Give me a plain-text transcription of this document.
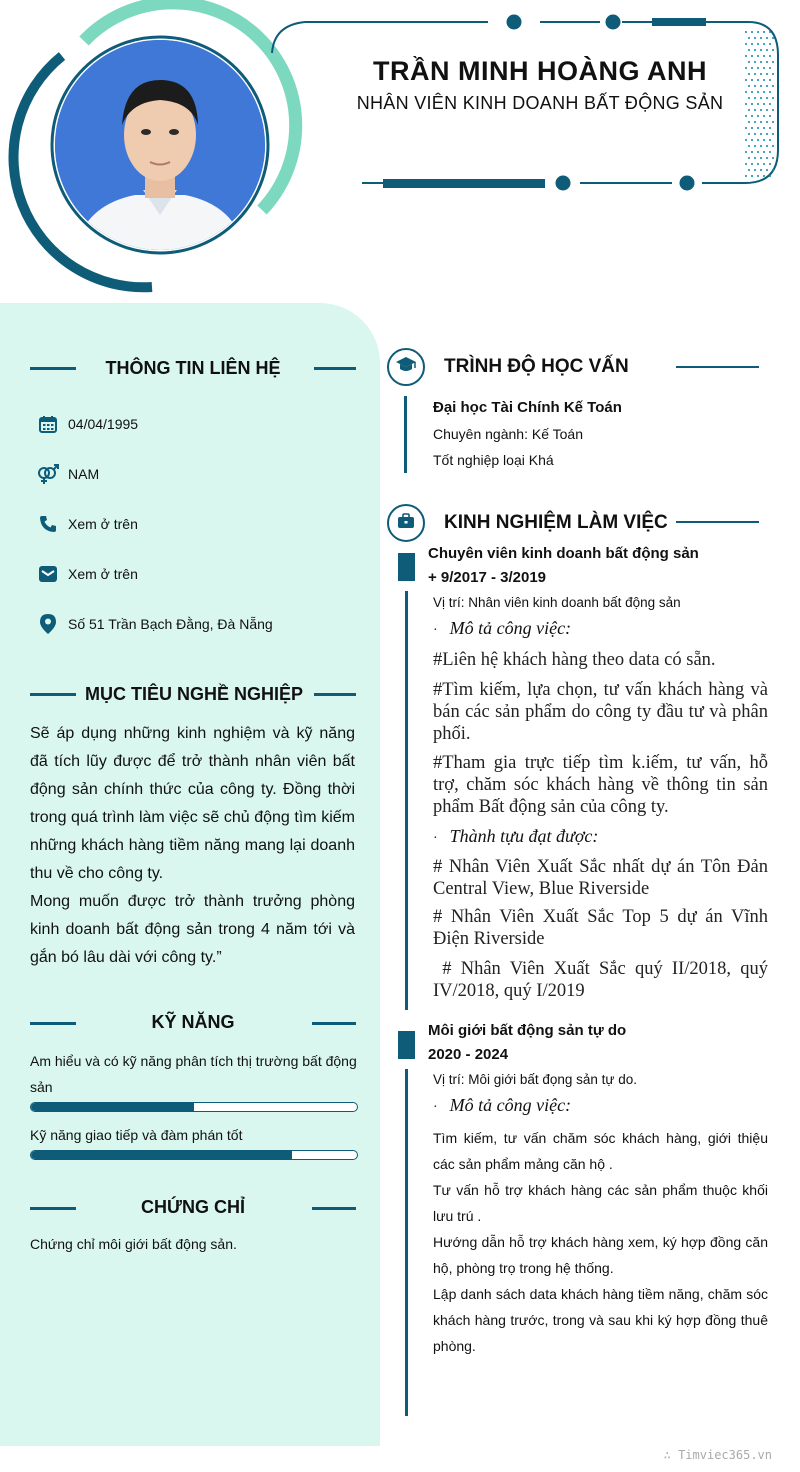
TRẦN MINH HOÀNG ANH
NHÂN VIÊN KINH DOANH BẤT ĐỘNG SẢN
THÔNG TIN LIÊN HỆ
04/04/1995
NAM
Xem ở trên
Xem ở trên
Số 51 Trần Bạch Đằng, Đà Nẵng
MỤC TIÊU NGHỀ NGHIỆP

Sẽ áp dụng những kinh nghiệm và kỹ năng đã tích lũy được để trở thành nhân viên bất động sản chính thức của công ty. Đồng thời trong quá trình làm việc sẽ chủ động tìm kiếm những khách hàng tiềm năng mang lại doanh thu về cho công ty.

Mong muốn được trở thành trưởng phòng kinh doanh bất động sản trong 4 năm tới và gắn bó lâu dài với công ty.”

KỸ NĂNG
Am hiểu và có kỹ năng phân tích thị trường bất động sản
Kỹ năng giao tiếp và đàm phán tốt
CHỨNG CHỈ
Chứng chỉ môi giới bất động sản.
TRÌNH ĐỘ HỌC VẤN
Đại học Tài Chính Kế Toán
Chuyên ngành: Kế Toán
Tốt nghiệp loại Khá
KINH NGHIỆM LÀM VIỆC
Chuyên viên kinh doanh bất động sản
+ 9/2017 - 3/2019
Vị trí: Nhân viên kinh doanh bất động sản
· Mô tả công việc:
#Liên hệ khách hàng theo data có sẵn.
#Tìm kiếm, lựa chọn, tư vấn khách hàng và bán các sản phẩm do công ty đầu tư và phân phối.
#Tham gia trực tiếp tìm k.iếm, tư vấn, hỗ trợ, chăm sóc khách hàng về thông tin sản phẩm Bất động sản của công ty.
· Thành tựu đạt được:
# Nhân Viên Xuất Sắc nhất dự án Tôn Đản Central View, Blue Riverside
# Nhân Viên Xuất Sắc Top 5 dự án Vĩnh Điện Riverside
# Nhân Viên Xuất Sắc quý II/2018, quý IV/2018, quý I/2019
Môi giới bất động sản tự do
2020 - 2024
Vị trí: Môi giới bất đọng sản tự do.
· Mô tả công việc:
Tìm kiếm, tư vấn chăm sóc khách hàng, giới thiệu các sản phẩm mảng căn hộ .
Tư vấn hỗ trợ khách hàng các sản phẩm thuộc khối lưu trú .
Hướng dẫn hỗ trợ khách hàng xem, ký hợp đồng căn hộ, phòng trọ trong hệ thống.
Lập danh sách data khách hàng tiềm năng, chăm sóc khách hàng trước, trong và sau khi ký hợp đồng thuê phòng.
∴ Timviec365.vn
